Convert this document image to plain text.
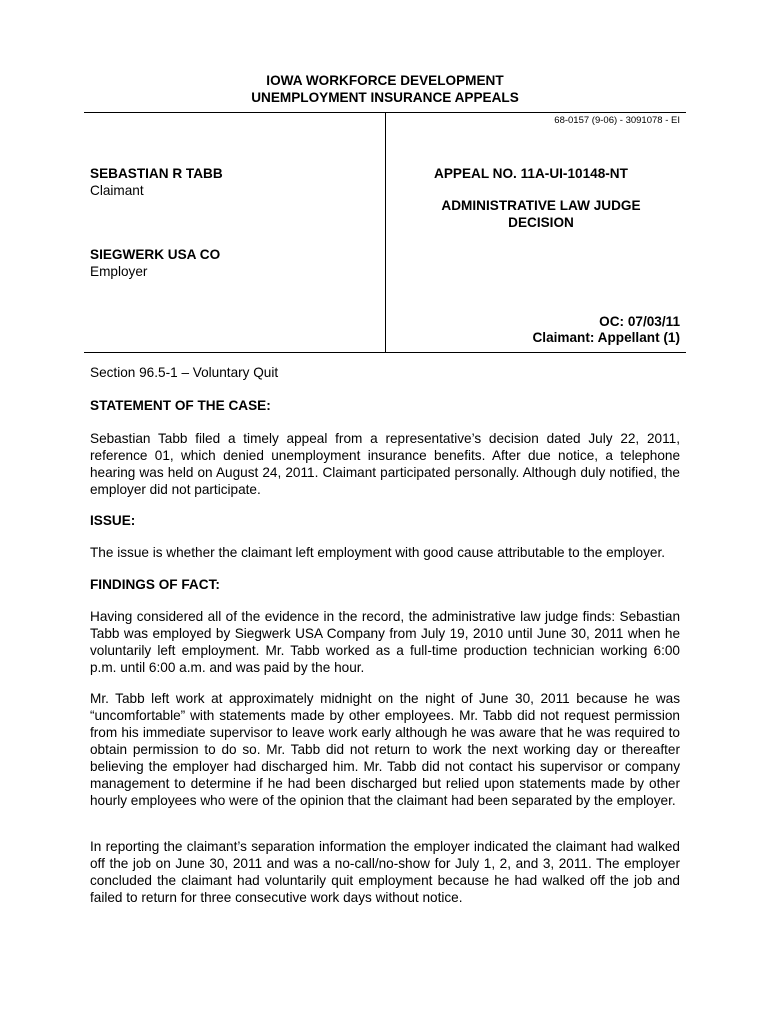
IOWA WORKFORCE DEVELOPMENT
UNEMPLOYMENT INSURANCE APPEALS
68-0157 (9-06) - 3091078 - EI
SEBASTIAN R TABB
Claimant
SIEGWERK USA CO
Employer
APPEAL NO. 11A-UI-10148-NT
ADMINISTRATIVE LAW JUDGE
DECISION
OC: 07/03/11
Claimant: Appellant (1)
Section 96.5-1 – Voluntary Quit
STATEMENT OF THE CASE:

Sebastian Tabb filed a timely appeal from a representative’s decision dated July 22, 2011, reference 01, which denied unemployment insurance benefits. After due notice, a telephone hearing was held on August 24, 2011. Claimant participated personally. Although duly notified, the employer did not participate.

ISSUE:

The issue is whether the claimant left employment with good cause attributable to the employer.

FINDINGS OF FACT:

Having considered all of the evidence in the record, the administrative law judge finds: Sebastian Tabb was employed by Siegwerk USA Company from July 19, 2010 until June 30, 2011 when he voluntarily left employment. Mr. Tabb worked as a full-time production technician working 6:00 p.m. until 6:00 a.m. and was paid by the hour.

Mr. Tabb left work at approximately midnight on the night of June 30, 2011 because he was “uncomfortable” with statements made by other employees. Mr. Tabb did not request permission from his immediate supervisor to leave work early although he was aware that he was required to obtain permission to do so. Mr. Tabb did not return to work the next working day or thereafter believing the employer had discharged him. Mr. Tabb did not contact his supervisor or company management to determine if he had been discharged but relied upon statements made by other hourly employees who were of the opinion that the claimant had been separated by the employer.

In reporting the claimant’s separation information the employer indicated the claimant had walked off the job on June 30, 2011 and was a no-call/no-show for July 1, 2, and 3, 2011. The employer concluded the claimant had voluntarily quit employment because he had walked off the job and failed to return for three consecutive work days without notice.
